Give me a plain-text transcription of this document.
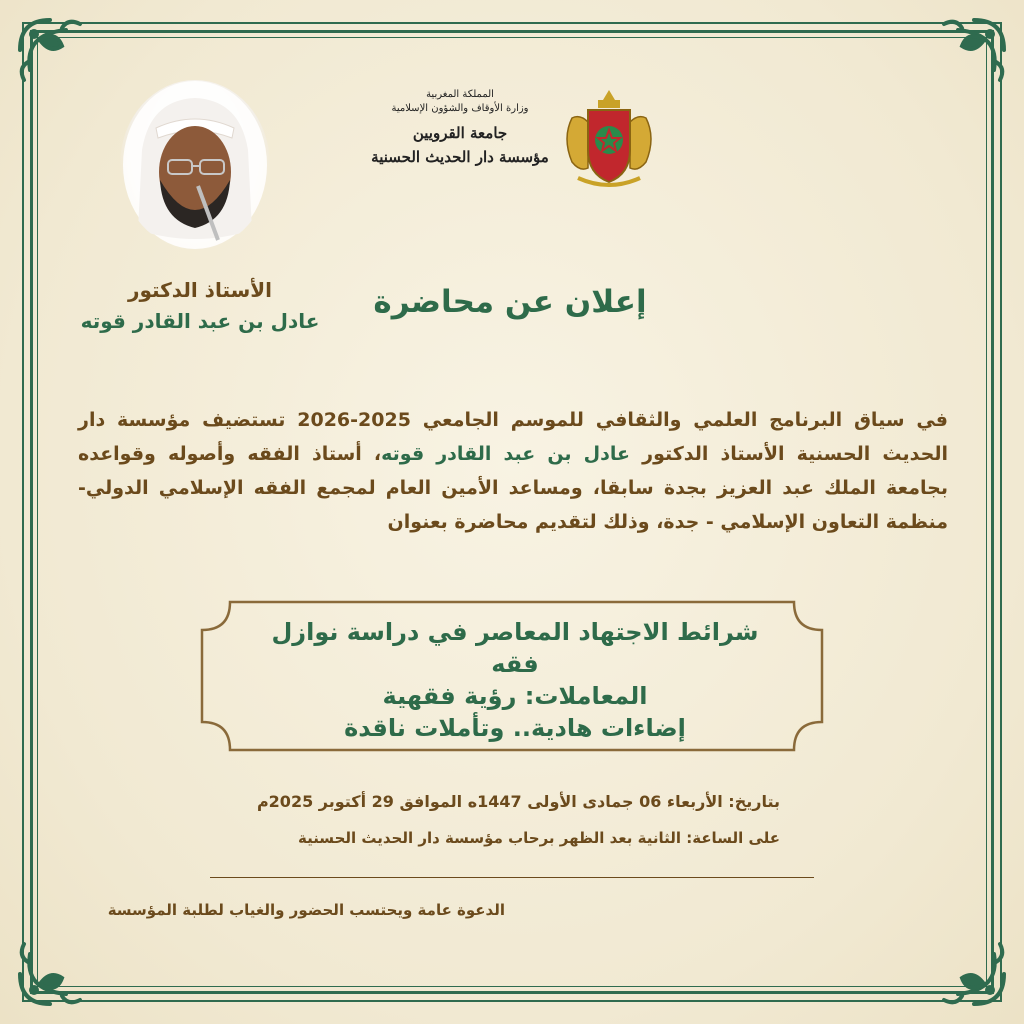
المملكة المغربية
وزارة الأوقاف والشؤون الإسلامية
جامعة القرويين
مؤسسة دار الحديث الحسنية
الأستاذ الدكتور
عادل بن عبد القادر قوته
إعلان عن محاضرة
في سياق البرنامج العلمي والثقافي للموسم الجامعي 2025-2026 تستضيف مؤسسة دار الحديث الحسنية الأستاذ الدكتور عادل بن عبد القادر قوته، أستاذ الفقه وأصوله وقواعده بجامعة الملك عبد العزيز بجدة سابقا، ومساعد الأمين العام لمجمع الفقه الإسلامي الدولي- منظمة التعاون الإسلامي - جدة، وذلك لتقديم محاضرة بعنوان
شرائط الاجتهاد المعاصر في دراسة نوازل فقه
المعاملات: رؤية فقهية
إضاءات هادية.. وتأملات ناقدة
بتاريخ: الأربعاء 06 جمادى الأولى 1447ه الموافق 29 أكتوبر 2025م
على الساعة: الثانية بعد الظهر برحاب مؤسسة دار الحديث الحسنية
الدعوة عامة ويحتسب الحضور والغياب لطلبة المؤسسة
